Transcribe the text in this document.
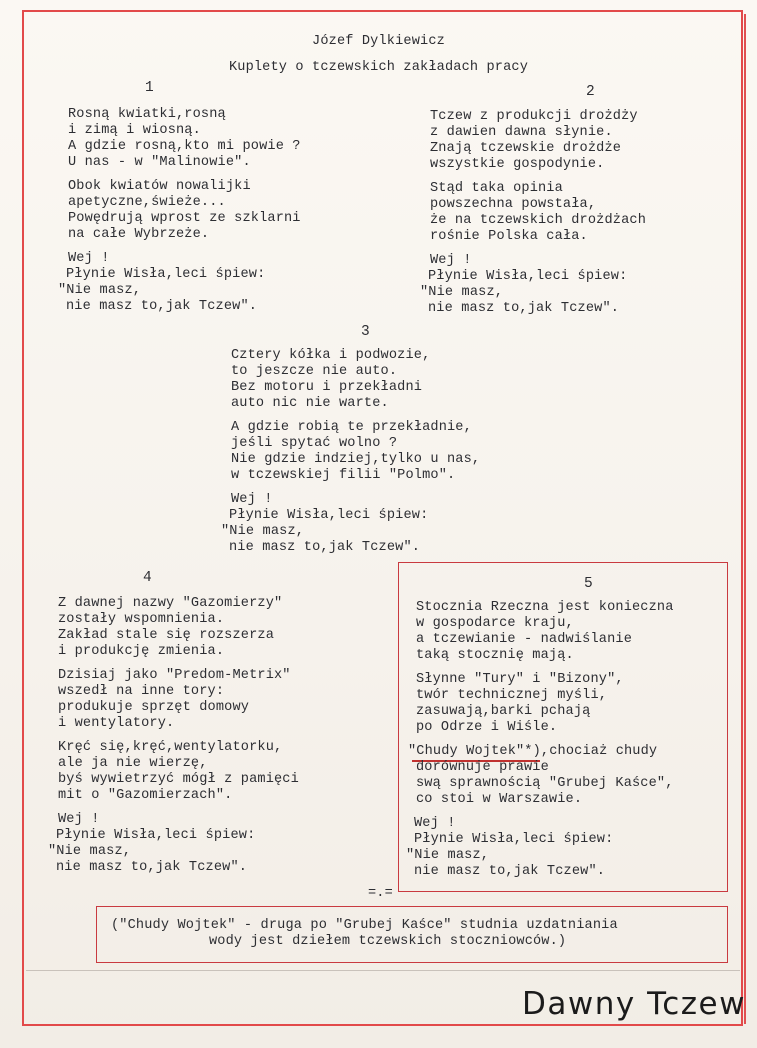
Józef Dylkiewicz
Kuplety o tczewskich zakładach pracy
1
Rosną kwiatki,rosną
i zimą i wiosną.
A gdzie rosną,kto mi powie ?
U nas - w "Malinowie".
Obok kwiatów nowalijki
apetyczne,świeże...
Powędrują wprost ze szklarni
na całe Wybrzeże.
Wej !
Płynie Wisła,leci śpiew:
"Nie masz,
nie masz to,jak Tczew".
2
Tczew z produkcji drożdży
z dawien dawna słynie.
Znają tczewskie drożdże
wszystkie gospodynie.
Stąd taka opinia
powszechna powstała,
że na tczewskich drożdżach
rośnie Polska cała.
Wej !
Płynie Wisła,leci śpiew:
"Nie masz,
nie masz to,jak Tczew".
3
Cztery kółka i podwozie,
to jeszcze nie auto.
Bez motoru i przekładni
auto nic nie warte.
A gdzie robią te przekładnie,
jeśli spytać wolno ?
Nie gdzie indziej,tylko u nas,
w tczewskiej filii "Polmo".
Wej !
Płynie Wisła,leci śpiew:
"Nie masz,
nie masz to,jak Tczew".
4
Z dawnej nazwy "Gazomierzy"
zostały wspomnienia.
Zakład stale się rozszerza
i produkcję zmienia.
Dzisiaj jako "Predom-Metrix"
wszedł na inne tory:
produkuje sprzęt domowy
i wentylatory.
Kręć się,kręć,wentylatorku,
ale ja nie wierzę,
byś wywietrzyć mógł z pamięci
mit o "Gazomierzach".
Wej !
Płynie Wisła,leci śpiew:
"Nie masz,
nie masz to,jak Tczew".
5
Stocznia Rzeczna jest konieczna
w gospodarce kraju,
a tczewianie - nadwiślanie
taką stocznię mają.
Słynne "Tury" i "Bizony",
twór technicznej myśli,
zasuwają,barki pchają
po Odrze i Wiśle.
"Chudy Wojtek"*),chociaż chudy
dorównuje prawie
swą sprawnością "Grubej Kaśce",
co stoi w Warszawie.
Wej !
Płynie Wisła,leci śpiew:
"Nie masz,
nie masz to,jak Tczew".
=.=
("Chudy Wojtek" - druga po "Grubej Kaśce" studnia uzdatniania
wody jest dziełem tczewskich stoczniowców.)
Dawny Tczew
